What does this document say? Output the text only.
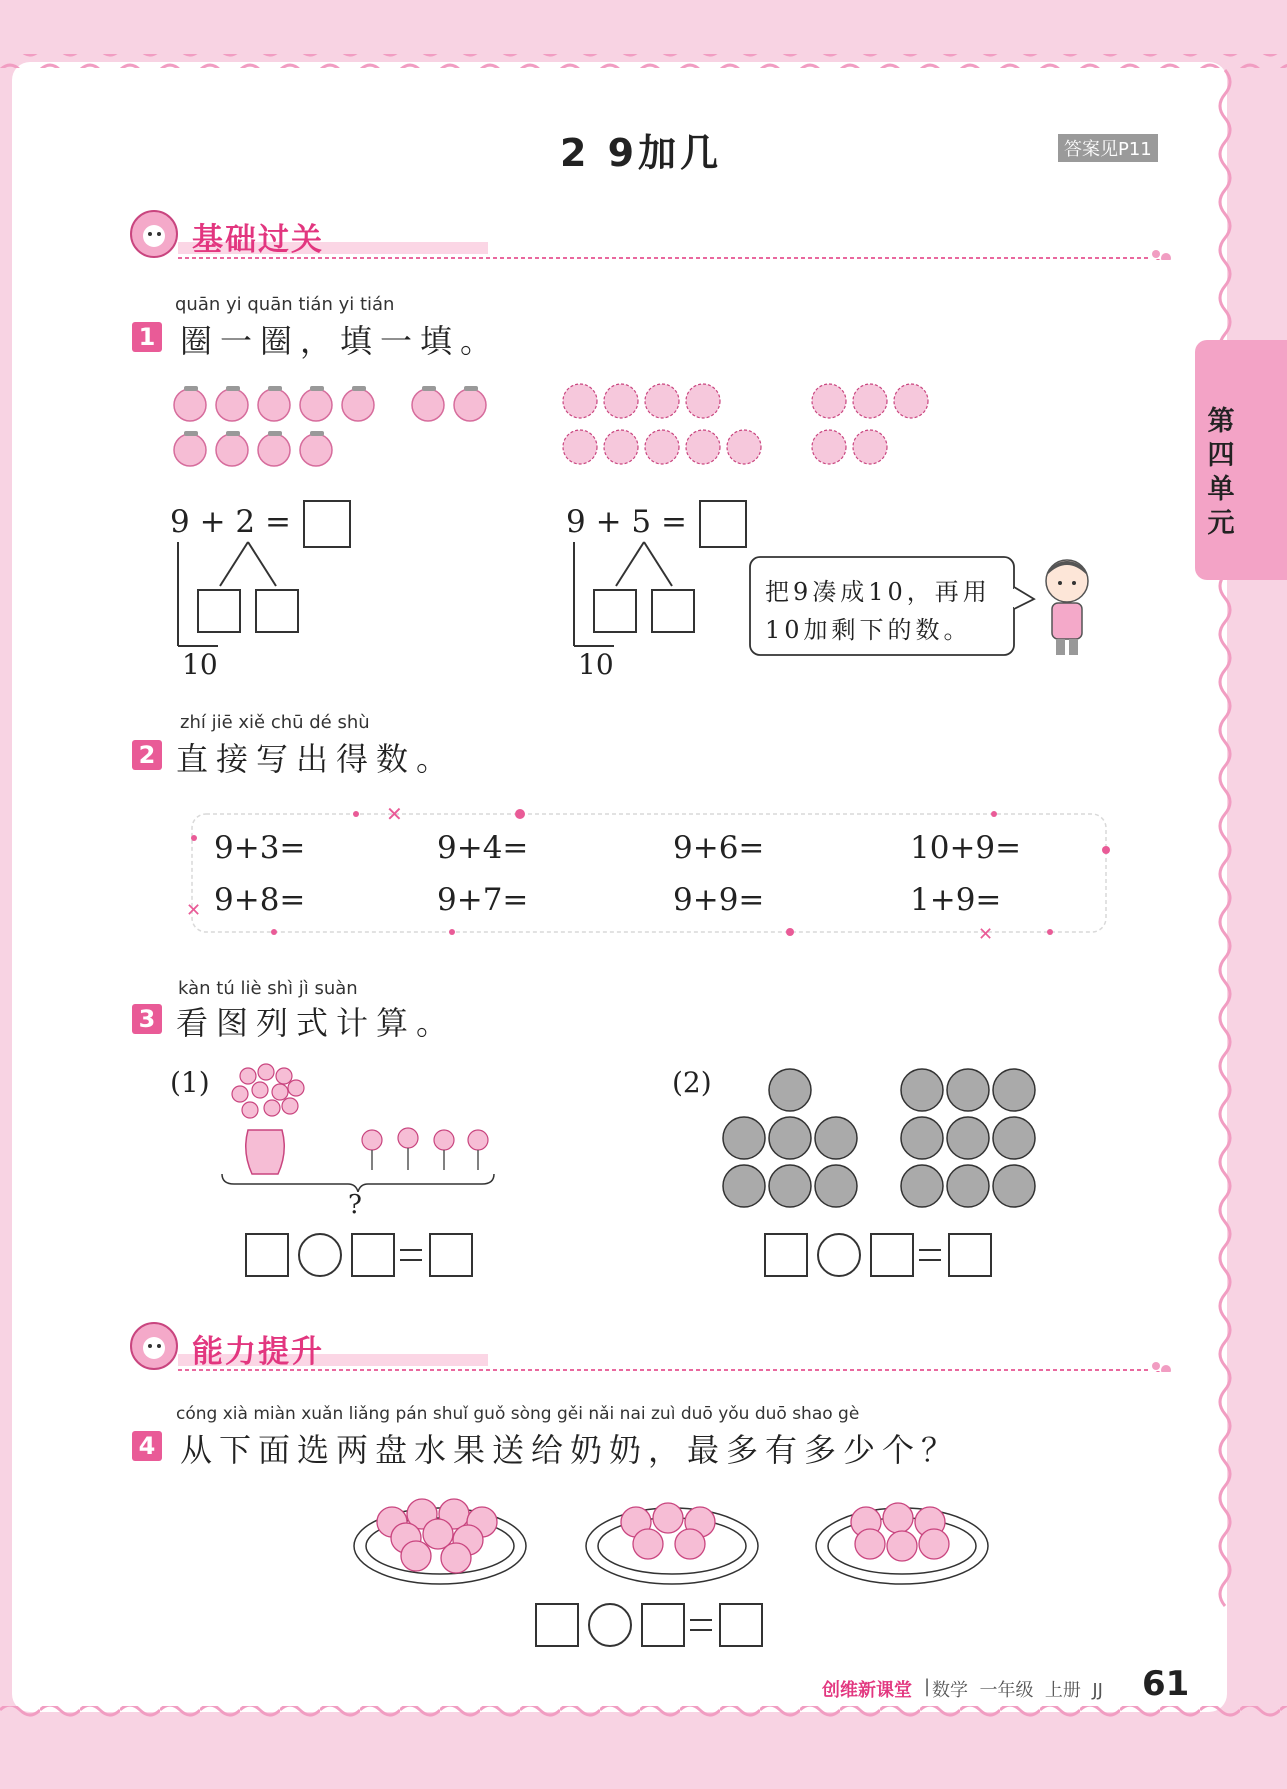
2 9加几	答案见P11
第四单元
基础过关
quān yi quān tián yi tián
1 圈一圈，填一填。
9 + 2 =
10
9 + 5 =
10
把9凑成10，再用
10加剩下的数。
zhí jiē xiě chū dé shù
2 直接写出得数。
✕
✕
✕
9+3=	9+4=	9+6=	10+9=
9+8=	9+7=	9+9=	1+9=
kàn tú liè shì jì suàn
3 看图列式计算。
(1)
?
(2)
能力提升
cóng xià miàn xuǎn liǎng pán shuǐ guǒ sòng gěi nǎi nai zuì duō yǒu duō shao gè
4 从下面选两盘水果送给奶奶，最多有多少个？
创维新课堂 | 数学  一年级  上册  JJ 61
